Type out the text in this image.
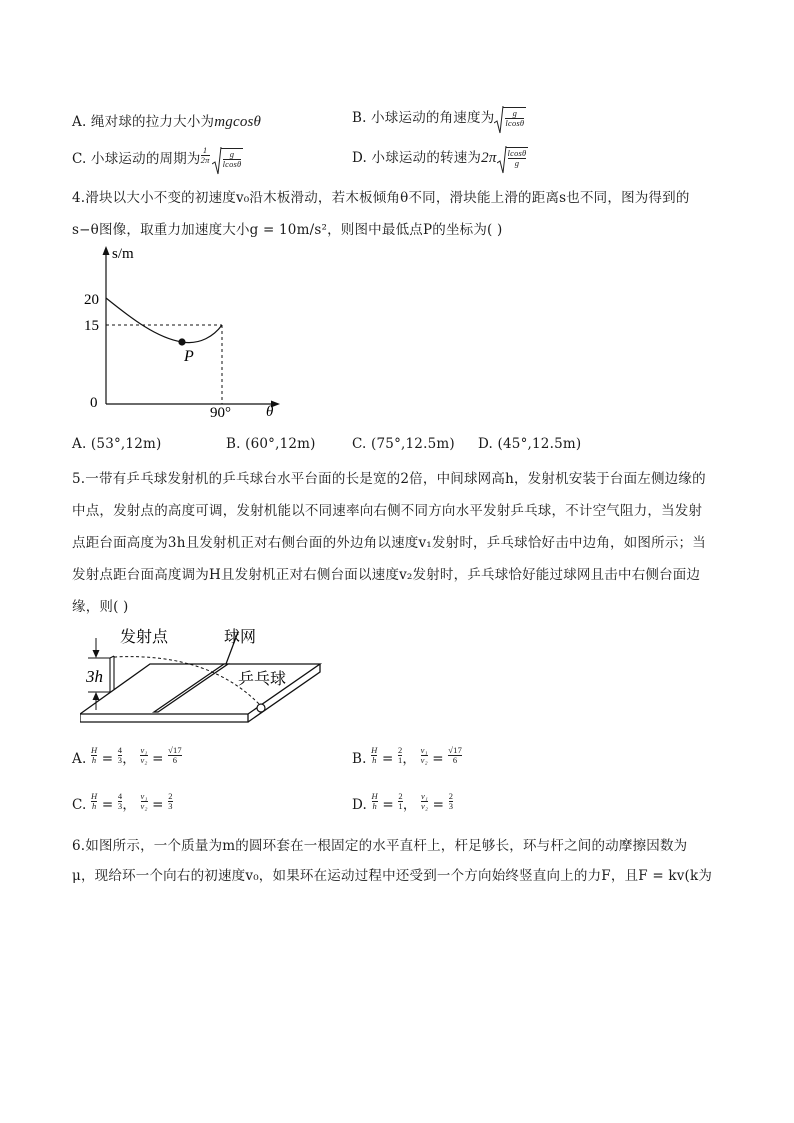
A. 绳对球的拉力大小为mgcosθ	B. 小球运动的角速度为 $\frac{g}{lcos\theta}$
C. 小球运动的周期为 $\frac{1}{2\pi} \frac{g}{lcos\theta}$	D. 小球运动的转速为$2\pi \frac{lcos\theta}{g}$
4.滑块以大小不变的初速度v₀沿木板滑动，若木板倾角θ不同，滑块能上滑的距离s也不同，图为得到的
s−θ图像，取重力加速度大小g = 10m/s²，则图中最低点P的坐标为( )
s/m
θ
0
20
15
90°
P
A. (53°,12m)	B. (60°,12m)	C. (75°,12.5m) D. (45°,12.5m)
5.一带有乒乓球发射机的乒乓球台水平台面的长是宽的2倍，中间球网高h，发射机安装于台面左侧边缘的
中点，发射点的高度可调，发射机能以不同速率向右侧不同方向水平发射乒乓球，不计空气阻力，当发射
点距台面高度为3h且发射机正对右侧台面的外边角以速度v₁发射时，乒乓球恰好击中边角，如图所示；当
发射点距台面高度调为H且发射机正对右侧台面以速度v₂发射时，乒乓球恰好能过球网且击中右侧台面边
缘，则( )
发射点	球网
乒乓球
3h
A. $\frac{H}{h} = \frac{4}{3}$ ， $\frac{\text{v₁}}{\text{v₂}} = \frac{√17}{6}$	B. $\frac{H}{h} = \frac{2}{1}$ ， $\frac{\text{v₁}}{\text{v₂}} = \frac{√17}{6}$
C. $\frac{H}{h} = \frac{4}{3}$ ， $\frac{\text{v₁}}{\text{v₂}} = \frac{2}{3}$	D. $\frac{H}{h} = \frac{2}{1}$ ， $\frac{\text{v₁}}{\text{v₂}} = \frac{2}{3}$
6.如图所示，一个质量为m的圆环套在一根固定的水平直杆上，杆足够长，环与杆之间的动摩擦因数为
μ，现给环一个向右的初速度v₀，如果环在运动过程中还受到一个方向始终竖直向上的力F，且F = kv(k为
